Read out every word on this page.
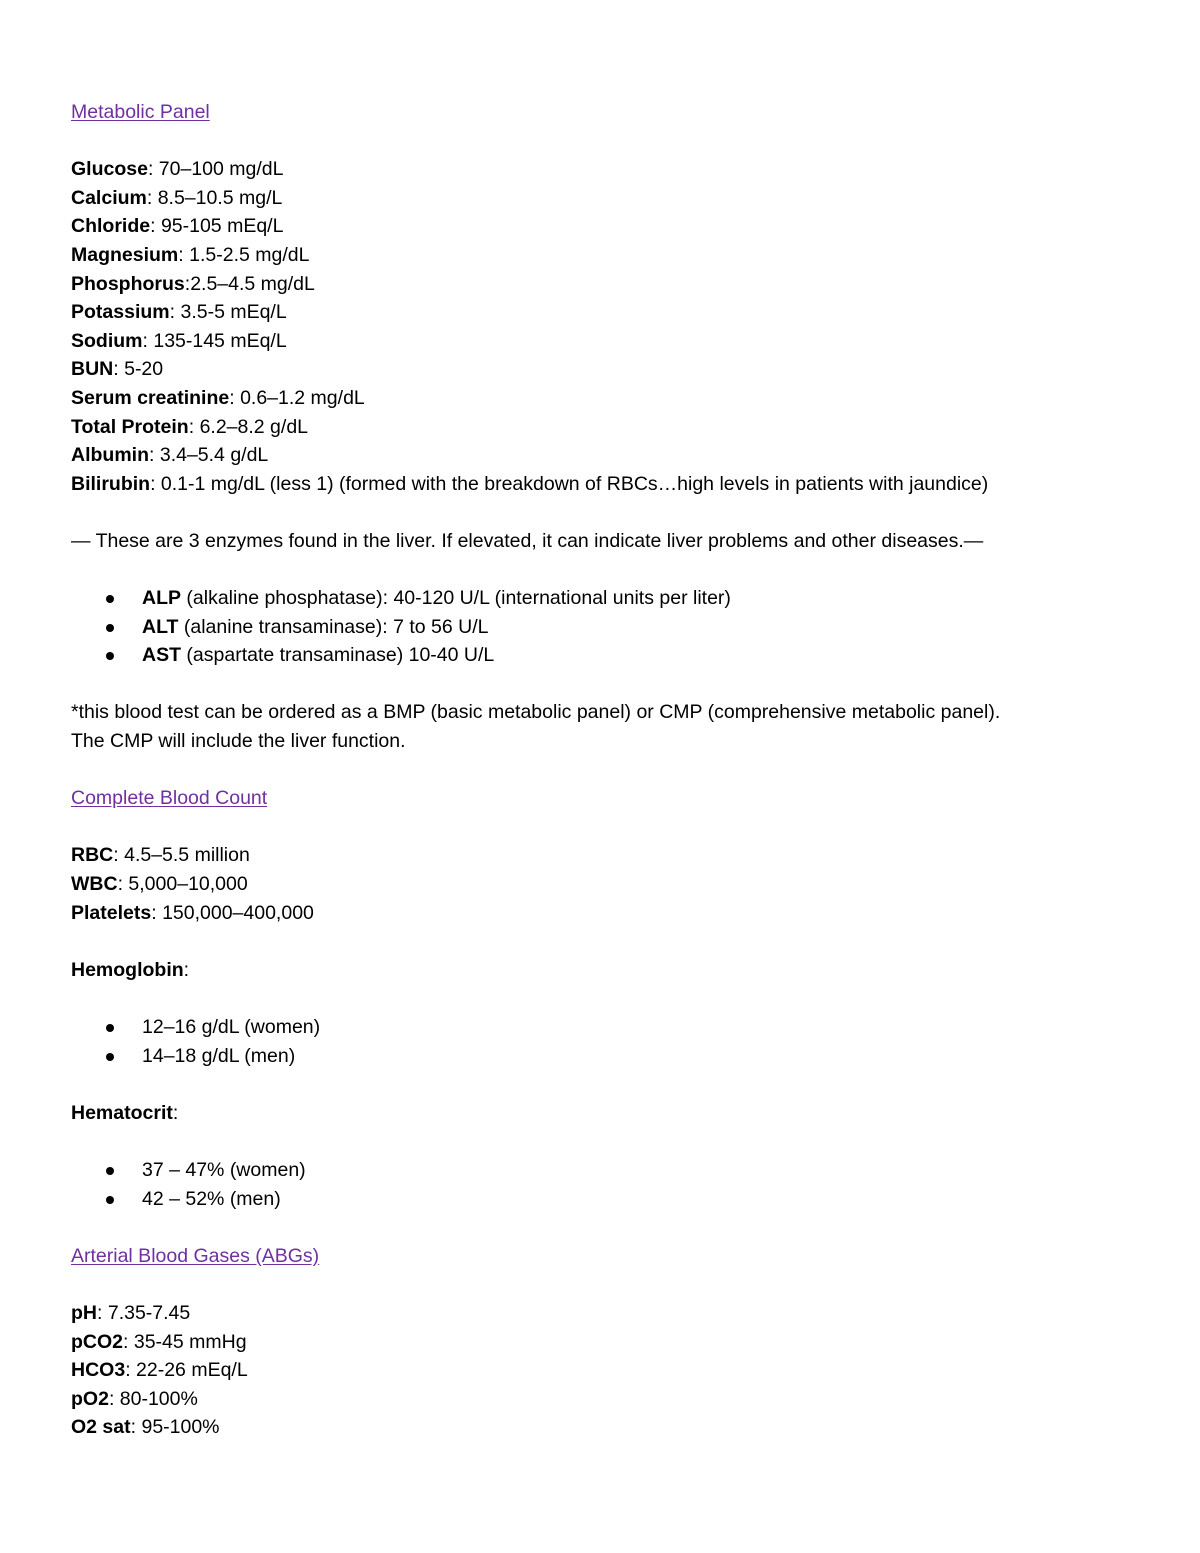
Metabolic Panel

Glucose: 70–100 mg/dL

Calcium: 8.5–10.5 mg/L

Chloride: 95-105 mEq/L

Magnesium: 1.5-2.5 mg/dL

Phosphorus:2.5–4.5 mg/dL

Potassium: 3.5-5 mEq/L

Sodium: 135-145 mEq/L

BUN: 5-20

Serum creatinine: 0.6–1.2 mg/dL

Total Protein: 6.2–8.2 g/dL

Albumin: 3.4–5.4 g/dL

Bilirubin: 0.1-1 mg/dL (less 1) (formed with the breakdown of RBCs…high levels in patients with jaundice)

— These are 3 enzymes found in the liver. If elevated, it can indicate liver problems and other diseases.—

ALP (alkaline phosphatase): 40-120 U/L (international units per liter)
ALT (alanine transaminase): 7 to 56 U/L
AST (aspartate transaminase) 10-40 U/L

*this blood test can be ordered as a BMP (basic metabolic panel) or CMP (comprehensive metabolic panel).

The CMP will include the liver function.

Complete Blood Count

RBC: 4.5–5.5 million

WBC: 5,000–10,000

Platelets: 150,000–400,000

Hemoglobin:

12–16 g/dL (women)
14–18 g/dL (men)

Hematocrit:

37 – 47% (women)
42 – 52% (men)

Arterial Blood Gases (ABGs)

pH: 7.35-7.45

pCO2: 35-45 mmHg

HCO3: 22-26 mEq/L

pO2: 80-100%

O2 sat: 95-100%
